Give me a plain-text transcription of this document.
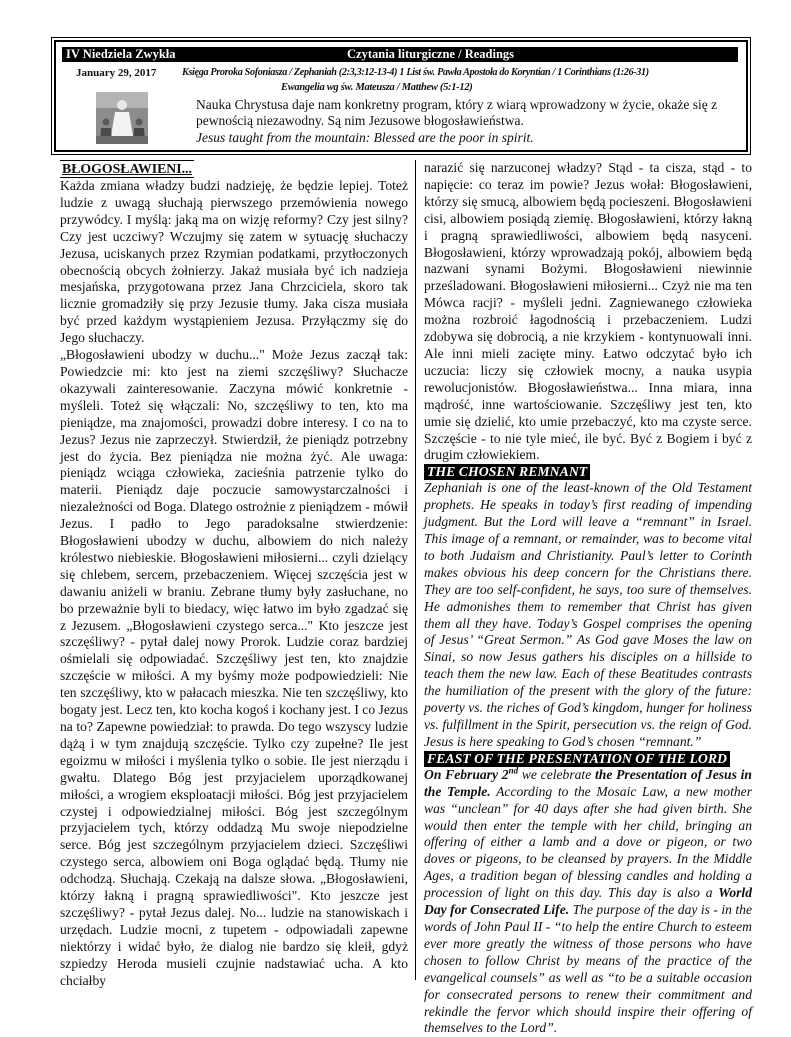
IV Niedziela Zwykła	Czytania liturgiczne / Readings
January 29, 2017	Księga Proroka Sofoniasza / Zephaniah (2:3,3:12-13-4) 1 List św. Pawła Apostoła do Koryntian / 1 Corinthians (1:26-31)
Ewangelia wg św. Mateusza / Matthew (5:1-12)
Nauka Chrystusa daje nam konkretny program, który z wiarą wprowadzony w życie, okaże się z pewnością niezawodny. Są nim Jezusowe błogosławieństwa.
Jesus taught from the mountain: Blessed are the poor in spirit.
BŁOGOSŁAWIENI...

Każda zmiana władzy budzi nadzieję, że będzie lepiej. Toteż ludzie z uwagą słuchają pierwszego przemówienia nowego przywódcy. I myślą: jaką ma on wizję reformy? Czy jest silny? Czy jest uczciwy? Wczujmy się zatem w sytuację słuchaczy Jezusa, uciskanych przez Rzymian podatkami, przytłoczonych obecnością obcych żołnierzy. Jakaż musiała być ich nadzieja mesjańska, przygotowana przez Jana Chrzciciela, skoro tak licznie gromadziły się przy Jezusie tłumy. Jaka cisza musiała być przed każdym wystąpieniem Jezusa. Przyłączmy się do Jego słuchaczy.

„Błogosławieni ubodzy w duchu..." Może Jezus zaczął tak: Powiedzcie mi: kto jest na ziemi szczęśliwy? Słuchacze okazywali zainteresowanie. Zaczyna mówić konkretnie - myśleli. Toteż się włączali: No, szczęśliwy to ten, kto ma pieniądze, ma znajomości, prowadzi dobre interesy. I co na to Jezus? Jezus nie zaprzeczył. Stwierdził, że pieniądz potrzebny jest do życia. Bez pieniądza nie można żyć. Ale uwaga: pieniądz wciąga człowieka, zacieśnia patrzenie tylko do materii. Pieniądz daje poczucie samowystarczalności i niezależności od Boga. Dlatego ostrożnie z pieniądzem - mówił Jezus. I padło to Jego paradoksalne stwierdzenie: Błogosławieni ubodzy w duchu, albowiem do nich należy królestwo niebieskie. Błogosławieni miłosierni... czyli dzielący się chlebem, sercem, przebaczeniem. Więcej szczęścia jest w dawaniu aniżeli w braniu. Zebrane tłumy były zasłuchane, no bo przeważnie byli to biedacy, więc łatwo im było zgadzać się z Jezusem. „Błogosławieni czystego serca..." Kto jeszcze jest szczęśliwy? - pytał dalej nowy Prorok. Ludzie coraz bardziej ośmielali się odpowiadać. Szczęśliwy jest ten, kto znajdzie szczęście w miłości. A my byśmy może podpowiedzieli: Nie ten szczęśliwy, kto w pałacach mieszka. Nie ten szczęśliwy, kto bogaty jest. Lecz ten, kto kocha kogoś i kochany jest. I co Jezus na to? Zapewne powiedział: to prawda. Do tego wszyscy ludzie dążą i w tym znajdują szczęście. Tylko czy zupełne? Ile jest egoizmu w miłości i myślenia tylko o sobie. Ile jest nierządu i gwałtu. Dlatego Bóg jest przyjacielem uporządkowanej miłości, a wrogiem eksploatacji miłości. Bóg jest przyjacielem czystej i odpowiedzialnej miłości. Bóg jest szczególnym przyjacielem tych, którzy oddadzą Mu swoje niepodzielne serce. Bóg jest szczególnym przyjacielem dzieci. Szczęśliwi czystego serca, albowiem oni Boga oglądać będą. Tłumy nie odchodzą. Słuchają. Czekają na dalsze słowa. „Błogosławieni, którzy łakną i pragną sprawiedliwości". Kto jeszcze jest szczęśliwy? - pytał Jezus dalej. No... ludzie na stanowiskach i urzędach. Ludzie mocni, z tupetem - odpowiadali zapewne niektórzy i widać było, że dialog nie bardzo się kleił, gdyż szpiedzy Heroda musieli czujnie nadstawiać ucha. A kto chciałby

narazić się narzuconej władzy? Stąd - ta cisza, stąd - to napięcie: co teraz im powie? Jezus wołał: Błogosławieni, którzy się smucą, albowiem będą pocieszeni. Błogosławieni cisi, albowiem posiądą ziemię. Błogosławieni, którzy łakną i pragną sprawiedliwości, albowiem będą nasyceni. Błogosławieni, którzy wprowadzają pokój, albowiem będą nazwani synami Bożymi. Błogosławieni niewinnie prześladowani. Błogosławieni miłosierni... Czyż nie ma ten Mówca racji? - myśleli jedni. Zagniewanego człowieka można rozbroić łagodnością i przebaczeniem. Ludzi zdobywa się dobrocią, a nie krzykiem - kontynuowali inni. Ale inni mieli zacięte miny. Łatwo odczytać było ich uczucia: liczy się człowiek mocny, a nauka usypia rewolucjonistów. Błogosławieństwa... Inna miara, inna mądrość, inne wartościowanie. Szczęśliwy jest ten, kto umie się dzielić, kto umie przebaczyć, kto ma czyste serce. Szczęście - to nie tyle mieć, ile być. Być z Bogiem i być z drugim człowiekiem.

THE CHOSEN REMNANT

Zephaniah is one of the least-known of the Old Testament prophets. He speaks in today’s first reading of impending judgment. But the Lord will leave a “remnant” in Israel. This image of a remnant, or remainder, was to become vital to both Judaism and Christianity. Paul’s letter to Corinth makes obvious his deep concern for the Christians there. They are too self-confident, he says, too sure of themselves. He admonishes them to remember that Christ has given them all they have. Today’s Gospel comprises the opening of Jesus’ “Great Sermon.” As God gave Moses the law on Sinai, so now Jesus gathers his disciples on a hillside to teach them the new law. Each of these Beatitudes contrasts the humiliation of the present with the glory of the future: poverty vs. the riches of God’s kingdom, hunger for holiness vs. fulfillment in the Spirit, persecution vs. the reign of God. Jesus is here speaking to God’s chosen “remnant.”

FEAST OF THE PRESENTATION OF THE LORD

On February 2nd we celebrate the Presentation of Jesus in the Temple. According to the Mosaic Law, a new mother was “unclean” for 40 days after she had given birth. She would then enter the temple with her child, bringing an offering of either a lamb and a dove or pigeon, or two doves or pigeons, to be cleansed by prayers. In the Middle Ages, a tradition began of blessing candles and holding a procession of light on this day. This day is also a World Day for Consecrated Life. The purpose of the day is - in the words of John Paul II - “to help the entire Church to esteem ever more greatly the witness of those persons who have chosen to follow Christ by means of the practice of the evangelical counsels” as well as “to be a suitable occasion for consecrated persons to renew their commitment and rekindle the fervor which should inspire their offering of themselves to the Lord”.
